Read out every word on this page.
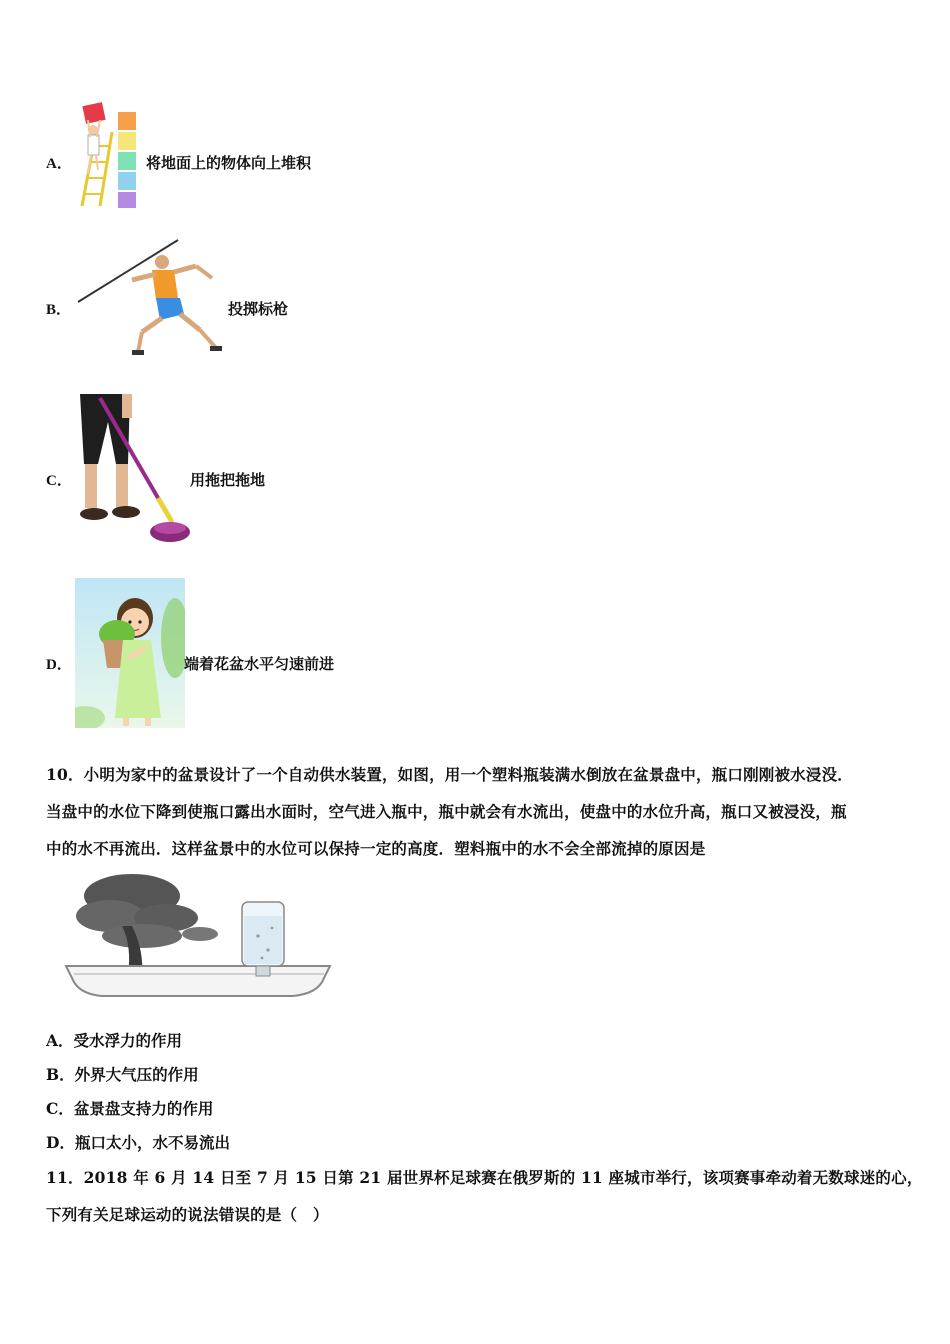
A．	将地面上的物体向上堆积
B．	投掷标枪
C．	用拖把拖地
D．	端着花盆水平匀速前进
10．小明为家中的盆景设计了一个自动供水装置，如图，用一个塑料瓶装满水倒放在盆景盘中，瓶口刚刚被水浸没．
当盘中的水位下降到使瓶口露出水面时，空气进入瓶中，瓶中就会有水流出，使盘中的水位升高，瓶口又被浸没，瓶
中的水不再流出．这样盆景中的水位可以保持一定的高度．塑料瓶中的水不会全部流掉的原因是
A．受水浮力的作用
B．外界大气压的作用
C．盆景盘支持力的作用
D．瓶口太小，水不易流出
11．2018 年 6 月 14 日至 7 月 15 日第 21 届世界杯足球赛在俄罗斯的 11 座城市举行，该项赛事牵动着无数球迷的心，
下列有关足球运动的说法错误的是（　）
